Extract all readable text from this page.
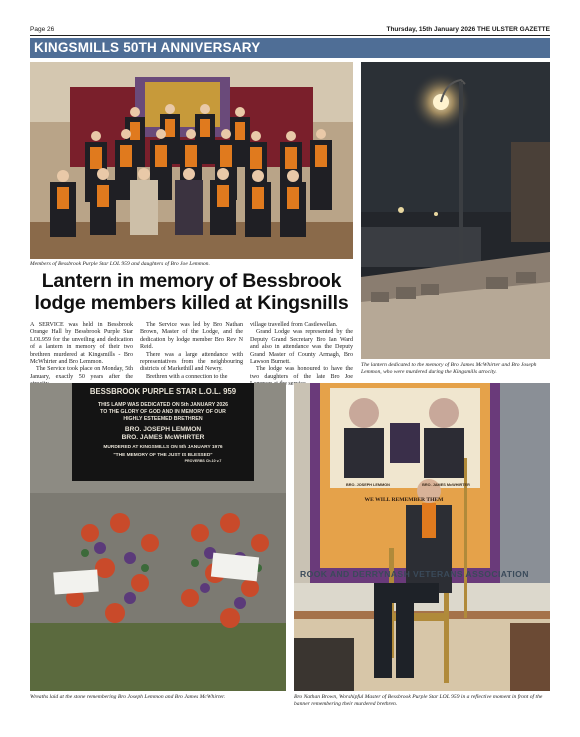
Page 26	Thursday, 15th January 2026 THE ULSTER GAZETTE
KINGSMILLS 50TH ANNIVERSARY
Members of Bessbrook Purple Star LOL 959 and daughters of Bro Joe Lemmon.
The lantern dedicated to the memory of Bro James McWhirter and Bro Joseph Lemmon, who were murdered during the Kingsmills atrocity.
Lantern in memory of Bessbrook lodge members killed at Kingsnills

A SERVICE was held in Bessbrook Orange Hall by Bessbrook Purple Star LOL959 for the unveiling and dedication of a lantern in memory of their two brethren murdered at Kingsmills - Bro McWhirter and Bro Lemmon.

The Service took place on Monday, 5th January, exactly 50 years after the

The Service was led by Bro Nathan Brown, Master of the Lodge, and the dedication by lodge member Bro Rev N Reid.

There was a large attendance with representatives from the neighbouring districts of Markethill and Newry.

Brethren with a connection to the

village travelled from Castlewellan.

Grand Lodge was represented by the Deputy Grand Secretary Bro Ian Ward and also in attendance was the Deputy Grand Master of County Armagh, Bro Lawson Burnett.

The lodge was honoured to have the two daughters of the late Bro Joe

BESSBROOK PURPLE STAR L.O.L. 959
THIS LAMP WAS DEDICATED ON 5th JANUARY 2026
TO THE GLORY OF GOD AND IN MEMORY OF OUR
HIGHLY ESTEEMED BRETHREN
BRO. JOSEPH LEMMON
BRO. JAMES McWHIRTER
MURDERED AT KINGSMILLS ON 5th JANUARY 1976
"THE MEMORY OF THE JUST IS BLESSED"
PROVERBS Ch.10 v.7
Wreaths laid at the stone remembering Bro Joseph Lemmon and Bro James McWhirter.
BRO. JOSEPH LEMMON	BRO. JAMES McWHIRTER
WE WILL REMEMBER THEM
ROOK AND DERRYNASH VETERANS ASSOCIATION
Bro Nathan Brown, Worshipful Master of Bessbrook Purple Star LOL 959 in a reflective moment in front of the banner remembering their murdered brethren.
